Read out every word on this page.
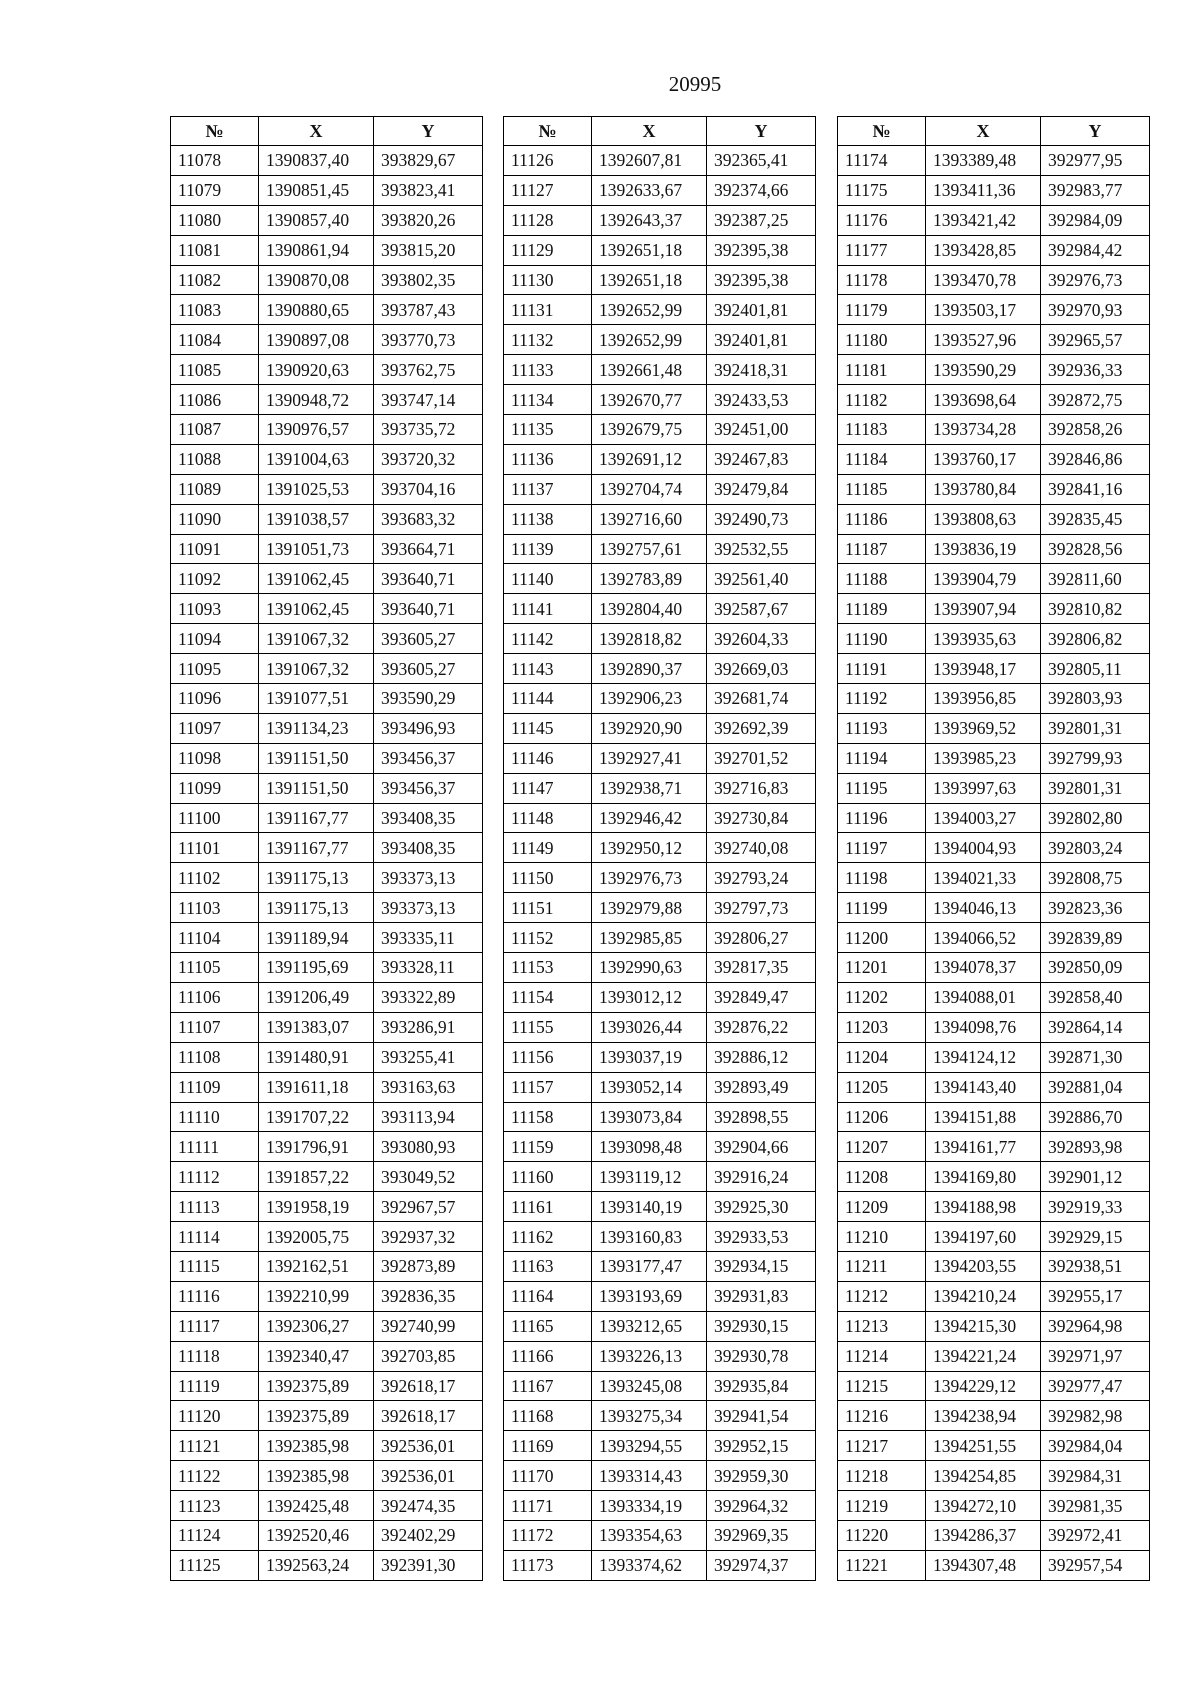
20995
№	X	Y
11078	1390837,40	393829,67
11079	1390851,45	393823,41
11080	1390857,40	393820,26
11081	1390861,94	393815,20
11082	1390870,08	393802,35
11083	1390880,65	393787,43
11084	1390897,08	393770,73
11085	1390920,63	393762,75
11086	1390948,72	393747,14
11087	1390976,57	393735,72
11088	1391004,63	393720,32
11089	1391025,53	393704,16
11090	1391038,57	393683,32
11091	1391051,73	393664,71
11092	1391062,45	393640,71
11093	1391062,45	393640,71
11094	1391067,32	393605,27
11095	1391067,32	393605,27
11096	1391077,51	393590,29
11097	1391134,23	393496,93
11098	1391151,50	393456,37
11099	1391151,50	393456,37
11100	1391167,77	393408,35
11101	1391167,77	393408,35
11102	1391175,13	393373,13
11103	1391175,13	393373,13
11104	1391189,94	393335,11
11105	1391195,69	393328,11
11106	1391206,49	393322,89
11107	1391383,07	393286,91
11108	1391480,91	393255,41
11109	1391611,18	393163,63
11110	1391707,22	393113,94
11111	1391796,91	393080,93
11112	1391857,22	393049,52
11113	1391958,19	392967,57
11114	1392005,75	392937,32
11115	1392162,51	392873,89
11116	1392210,99	392836,35
11117	1392306,27	392740,99
11118	1392340,47	392703,85
11119	1392375,89	392618,17
11120	1392375,89	392618,17
11121	1392385,98	392536,01
11122	1392385,98	392536,01
11123	1392425,48	392474,35
11124	1392520,46	392402,29
11125	1392563,24	392391,30
№	X	Y
11126	1392607,81	392365,41
11127	1392633,67	392374,66
11128	1392643,37	392387,25
11129	1392651,18	392395,38
11130	1392651,18	392395,38
11131	1392652,99	392401,81
11132	1392652,99	392401,81
11133	1392661,48	392418,31
11134	1392670,77	392433,53
11135	1392679,75	392451,00
11136	1392691,12	392467,83
11137	1392704,74	392479,84
11138	1392716,60	392490,73
11139	1392757,61	392532,55
11140	1392783,89	392561,40
11141	1392804,40	392587,67
11142	1392818,82	392604,33
11143	1392890,37	392669,03
11144	1392906,23	392681,74
11145	1392920,90	392692,39
11146	1392927,41	392701,52
11147	1392938,71	392716,83
11148	1392946,42	392730,84
11149	1392950,12	392740,08
11150	1392976,73	392793,24
11151	1392979,88	392797,73
11152	1392985,85	392806,27
11153	1392990,63	392817,35
11154	1393012,12	392849,47
11155	1393026,44	392876,22
11156	1393037,19	392886,12
11157	1393052,14	392893,49
11158	1393073,84	392898,55
11159	1393098,48	392904,66
11160	1393119,12	392916,24
11161	1393140,19	392925,30
11162	1393160,83	392933,53
11163	1393177,47	392934,15
11164	1393193,69	392931,83
11165	1393212,65	392930,15
11166	1393226,13	392930,78
11167	1393245,08	392935,84
11168	1393275,34	392941,54
11169	1393294,55	392952,15
11170	1393314,43	392959,30
11171	1393334,19	392964,32
11172	1393354,63	392969,35
11173	1393374,62	392974,37
№	X	Y
11174	1393389,48	392977,95
11175	1393411,36	392983,77
11176	1393421,42	392984,09
11177	1393428,85	392984,42
11178	1393470,78	392976,73
11179	1393503,17	392970,93
11180	1393527,96	392965,57
11181	1393590,29	392936,33
11182	1393698,64	392872,75
11183	1393734,28	392858,26
11184	1393760,17	392846,86
11185	1393780,84	392841,16
11186	1393808,63	392835,45
11187	1393836,19	392828,56
11188	1393904,79	392811,60
11189	1393907,94	392810,82
11190	1393935,63	392806,82
11191	1393948,17	392805,11
11192	1393956,85	392803,93
11193	1393969,52	392801,31
11194	1393985,23	392799,93
11195	1393997,63	392801,31
11196	1394003,27	392802,80
11197	1394004,93	392803,24
11198	1394021,33	392808,75
11199	1394046,13	392823,36
11200	1394066,52	392839,89
11201	1394078,37	392850,09
11202	1394088,01	392858,40
11203	1394098,76	392864,14
11204	1394124,12	392871,30
11205	1394143,40	392881,04
11206	1394151,88	392886,70
11207	1394161,77	392893,98
11208	1394169,80	392901,12
11209	1394188,98	392919,33
11210	1394197,60	392929,15
11211	1394203,55	392938,51
11212	1394210,24	392955,17
11213	1394215,30	392964,98
11214	1394221,24	392971,97
11215	1394229,12	392977,47
11216	1394238,94	392982,98
11217	1394251,55	392984,04
11218	1394254,85	392984,31
11219	1394272,10	392981,35
11220	1394286,37	392972,41
11221	1394307,48	392957,54
